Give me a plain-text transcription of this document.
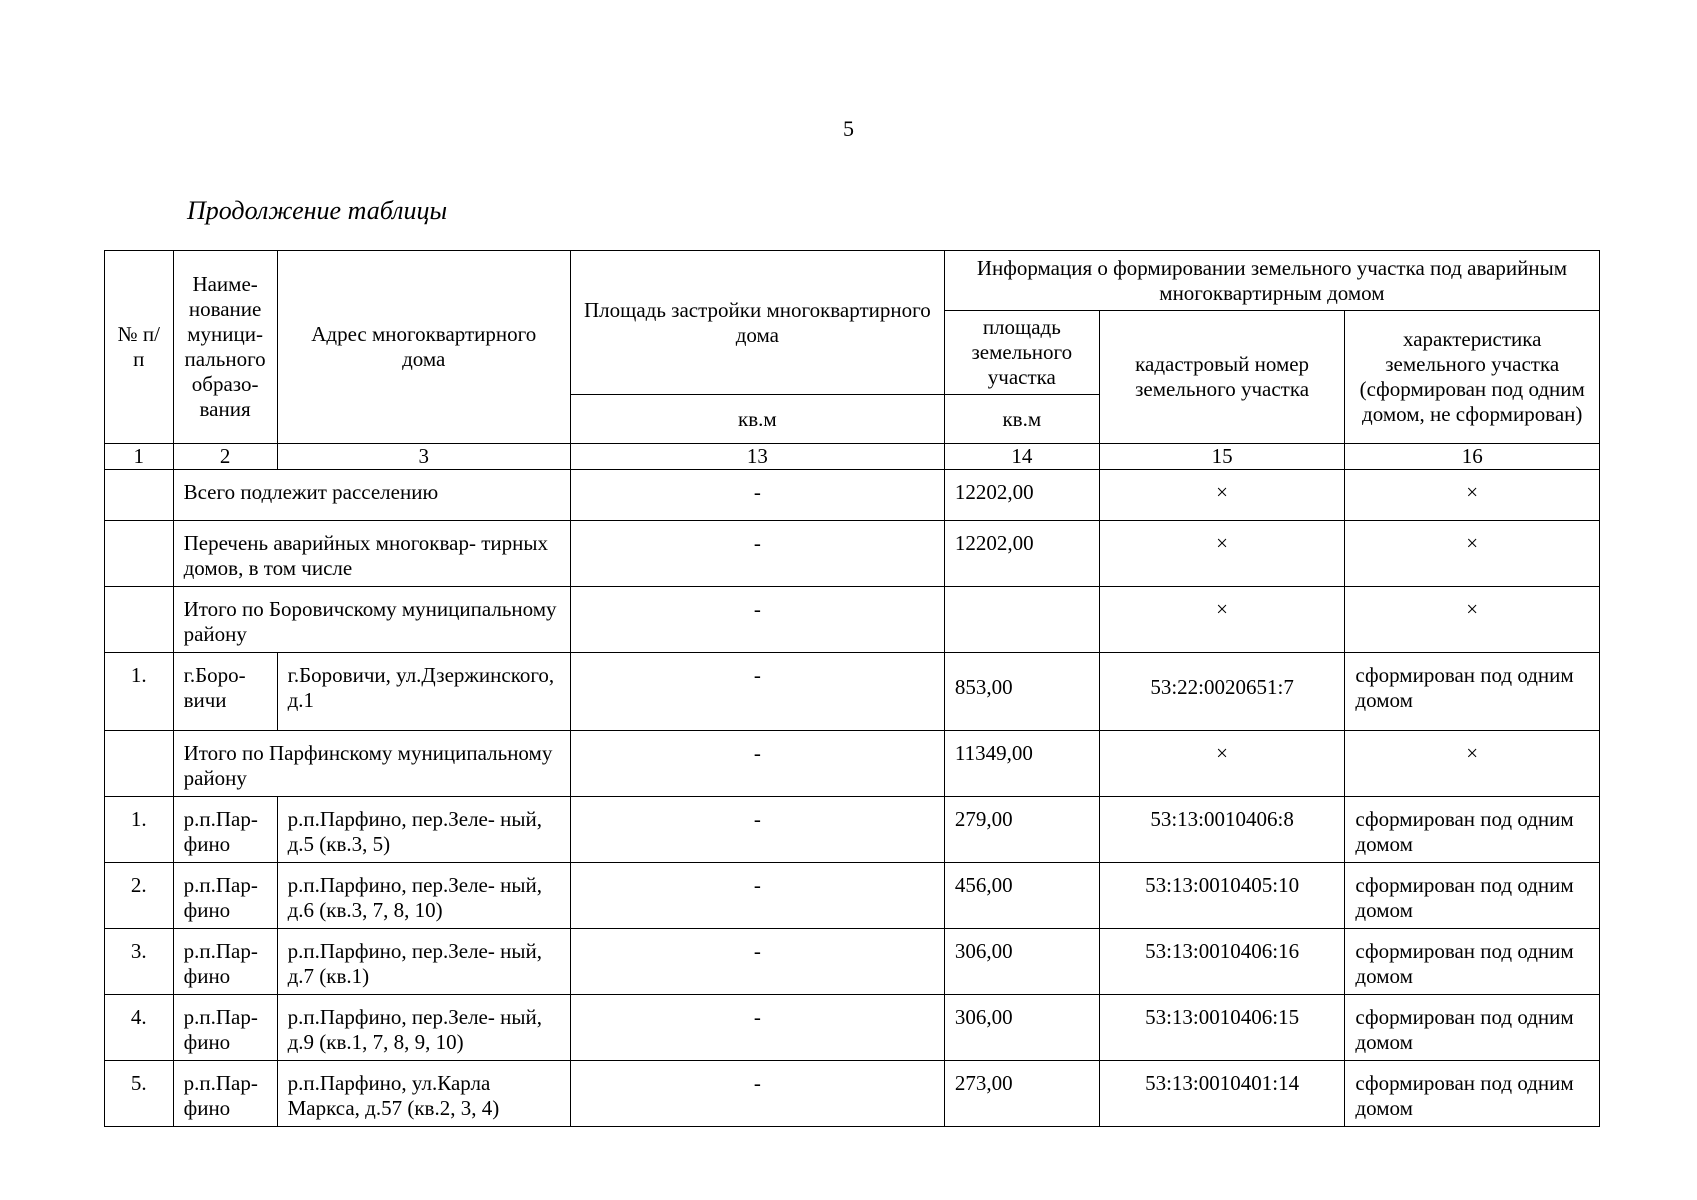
5
Продолжение таблицы
№ п/п	Наиме- нование муници- пального образо- вания	Адрес многоквартирного дома	Площадь застройки многоквартирного дома	Информация о формировании земельного участка под аварийным многоквартирным домом		
				площадь земельного участка	кадастровый номер земельного участка	характеристика земельного участка (сформирован под одним домом, не сформирован)
			кв.м	кв.м		
1	2	3	13	14	15	16
	Всего подлежит расселению		-	12202,00	×	×
	Перечень аварийных многоквар- тирных домов, в том числе		-	12202,00	×	×
	Итого по Боровичскому муниципальному району		-		×	×
1.	г.Боро- вичи	г.Боровичи, ул.Дзержинского, д.1	-	853,00	53:22:0020651:7	сформирован под одним домом
	Итого по Парфинскому муниципальному району		-	11349,00	×	×
1.	р.п.Пар- фино	р.п.Парфино, пер.Зеле- ный, д.5 (кв.3, 5)	-	279,00	53:13:0010406:8	сформирован под одним домом
2.	р.п.Пар- фино	р.п.Парфино, пер.Зеле- ный, д.6 (кв.3, 7, 8, 10)	-	456,00	53:13:0010405:10	сформирован под одним домом
3.	р.п.Пар- фино	р.п.Парфино, пер.Зеле- ный, д.7 (кв.1)	-	306,00	53:13:0010406:16	сформирован под одним домом
4.	р.п.Пар- фино	р.п.Парфино, пер.Зеле- ный, д.9 (кв.1, 7, 8, 9, 10)	-	306,00	53:13:0010406:15	сформирован под одним домом
5.	р.п.Пар- фино	р.п.Парфино, ул.Карла Маркса, д.57 (кв.2, 3, 4)	-	273,00	53:13:0010401:14	сформирован под одним домом
